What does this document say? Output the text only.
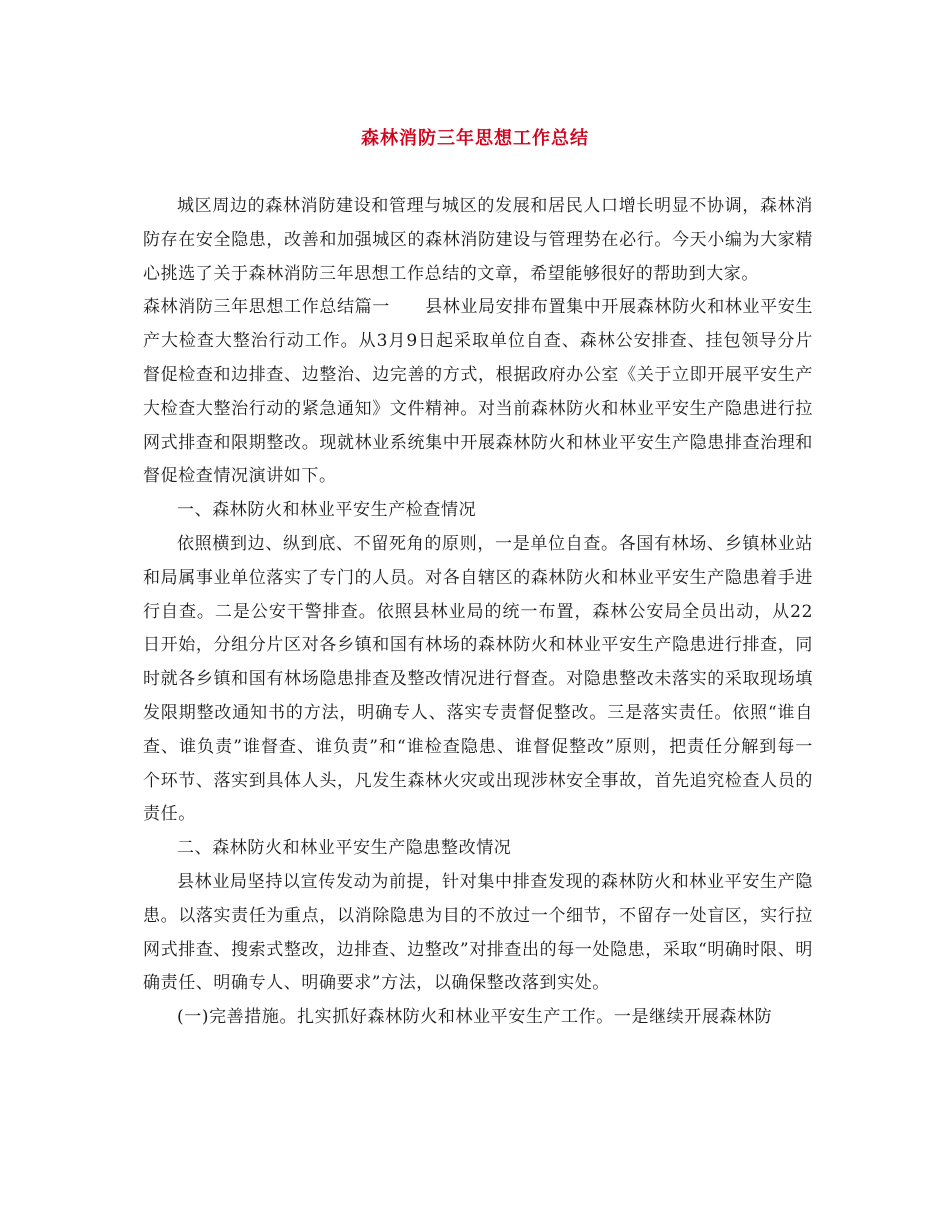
森林消防三年思想工作总结

城区周边的森林消防建设和管理与城区的发展和居民人口增长明显不协调，森林消防存在安全隐患，改善和加强城区的森林消防建设与管理势在必行。今天小编为大家精心挑选了关于森林消防三年思想工作总结的文章，希望能够很好的帮助到大家。

森林消防三年思想工作总结篇一　　县林业局安排布置集中开展森林防火和林业平安生产大检查大整治行动工作。从3月9日起采取单位自查、森林公安排查、挂包领导分片督促检查和边排查、边整治、边完善的方式，根据政府办公室《关于立即开展平安生产大检查大整治行动的紧急通知》文件精神。对当前森林防火和林业平安生产隐患进行拉网式排查和限期整改。现就林业系统集中开展森林防火和林业平安生产隐患排查治理和督促检查情况演讲如下。

一、森林防火和林业平安生产检查情况

依照横到边、纵到底、不留死角的原则，一是单位自查。各国有林场、乡镇林业站和局属事业单位落实了专门的人员。对各自辖区的森林防火和林业平安生产隐患着手进行自查。二是公安干警排查。依照县林业局的统一布置，森林公安局全员出动，从22日开始，分组分片区对各乡镇和国有林场的森林防火和林业平安生产隐患进行排查，同时就各乡镇和国有林场隐患排查及整改情况进行督查。对隐患整改未落实的采取现场填发限期整改通知书的方法，明确专人、落实专责督促整改。三是落实责任。依照“谁自查、谁负责”谁督查、谁负责”和“谁检查隐患、谁督促整改”原则，把责任分解到每一个环节、落实到具体人头，凡发生森林火灾或出现涉林安全事故，首先追究检查人员的责任。

二、森林防火和林业平安生产隐患整改情况

县林业局坚持以宣传发动为前提，针对集中排查发现的森林防火和林业平安生产隐患。以落实责任为重点，以消除隐患为目的不放过一个细节，不留存一处盲区，实行拉网式排查、搜索式整改，边排查、边整改”对排查出的每一处隐患，采取“明确时限、明确责任、明确专人、明确要求”方法，以确保整改落到实处。

(一)完善措施。扎实抓好森林防火和林业平安生产工作。一是继续开展森林防
